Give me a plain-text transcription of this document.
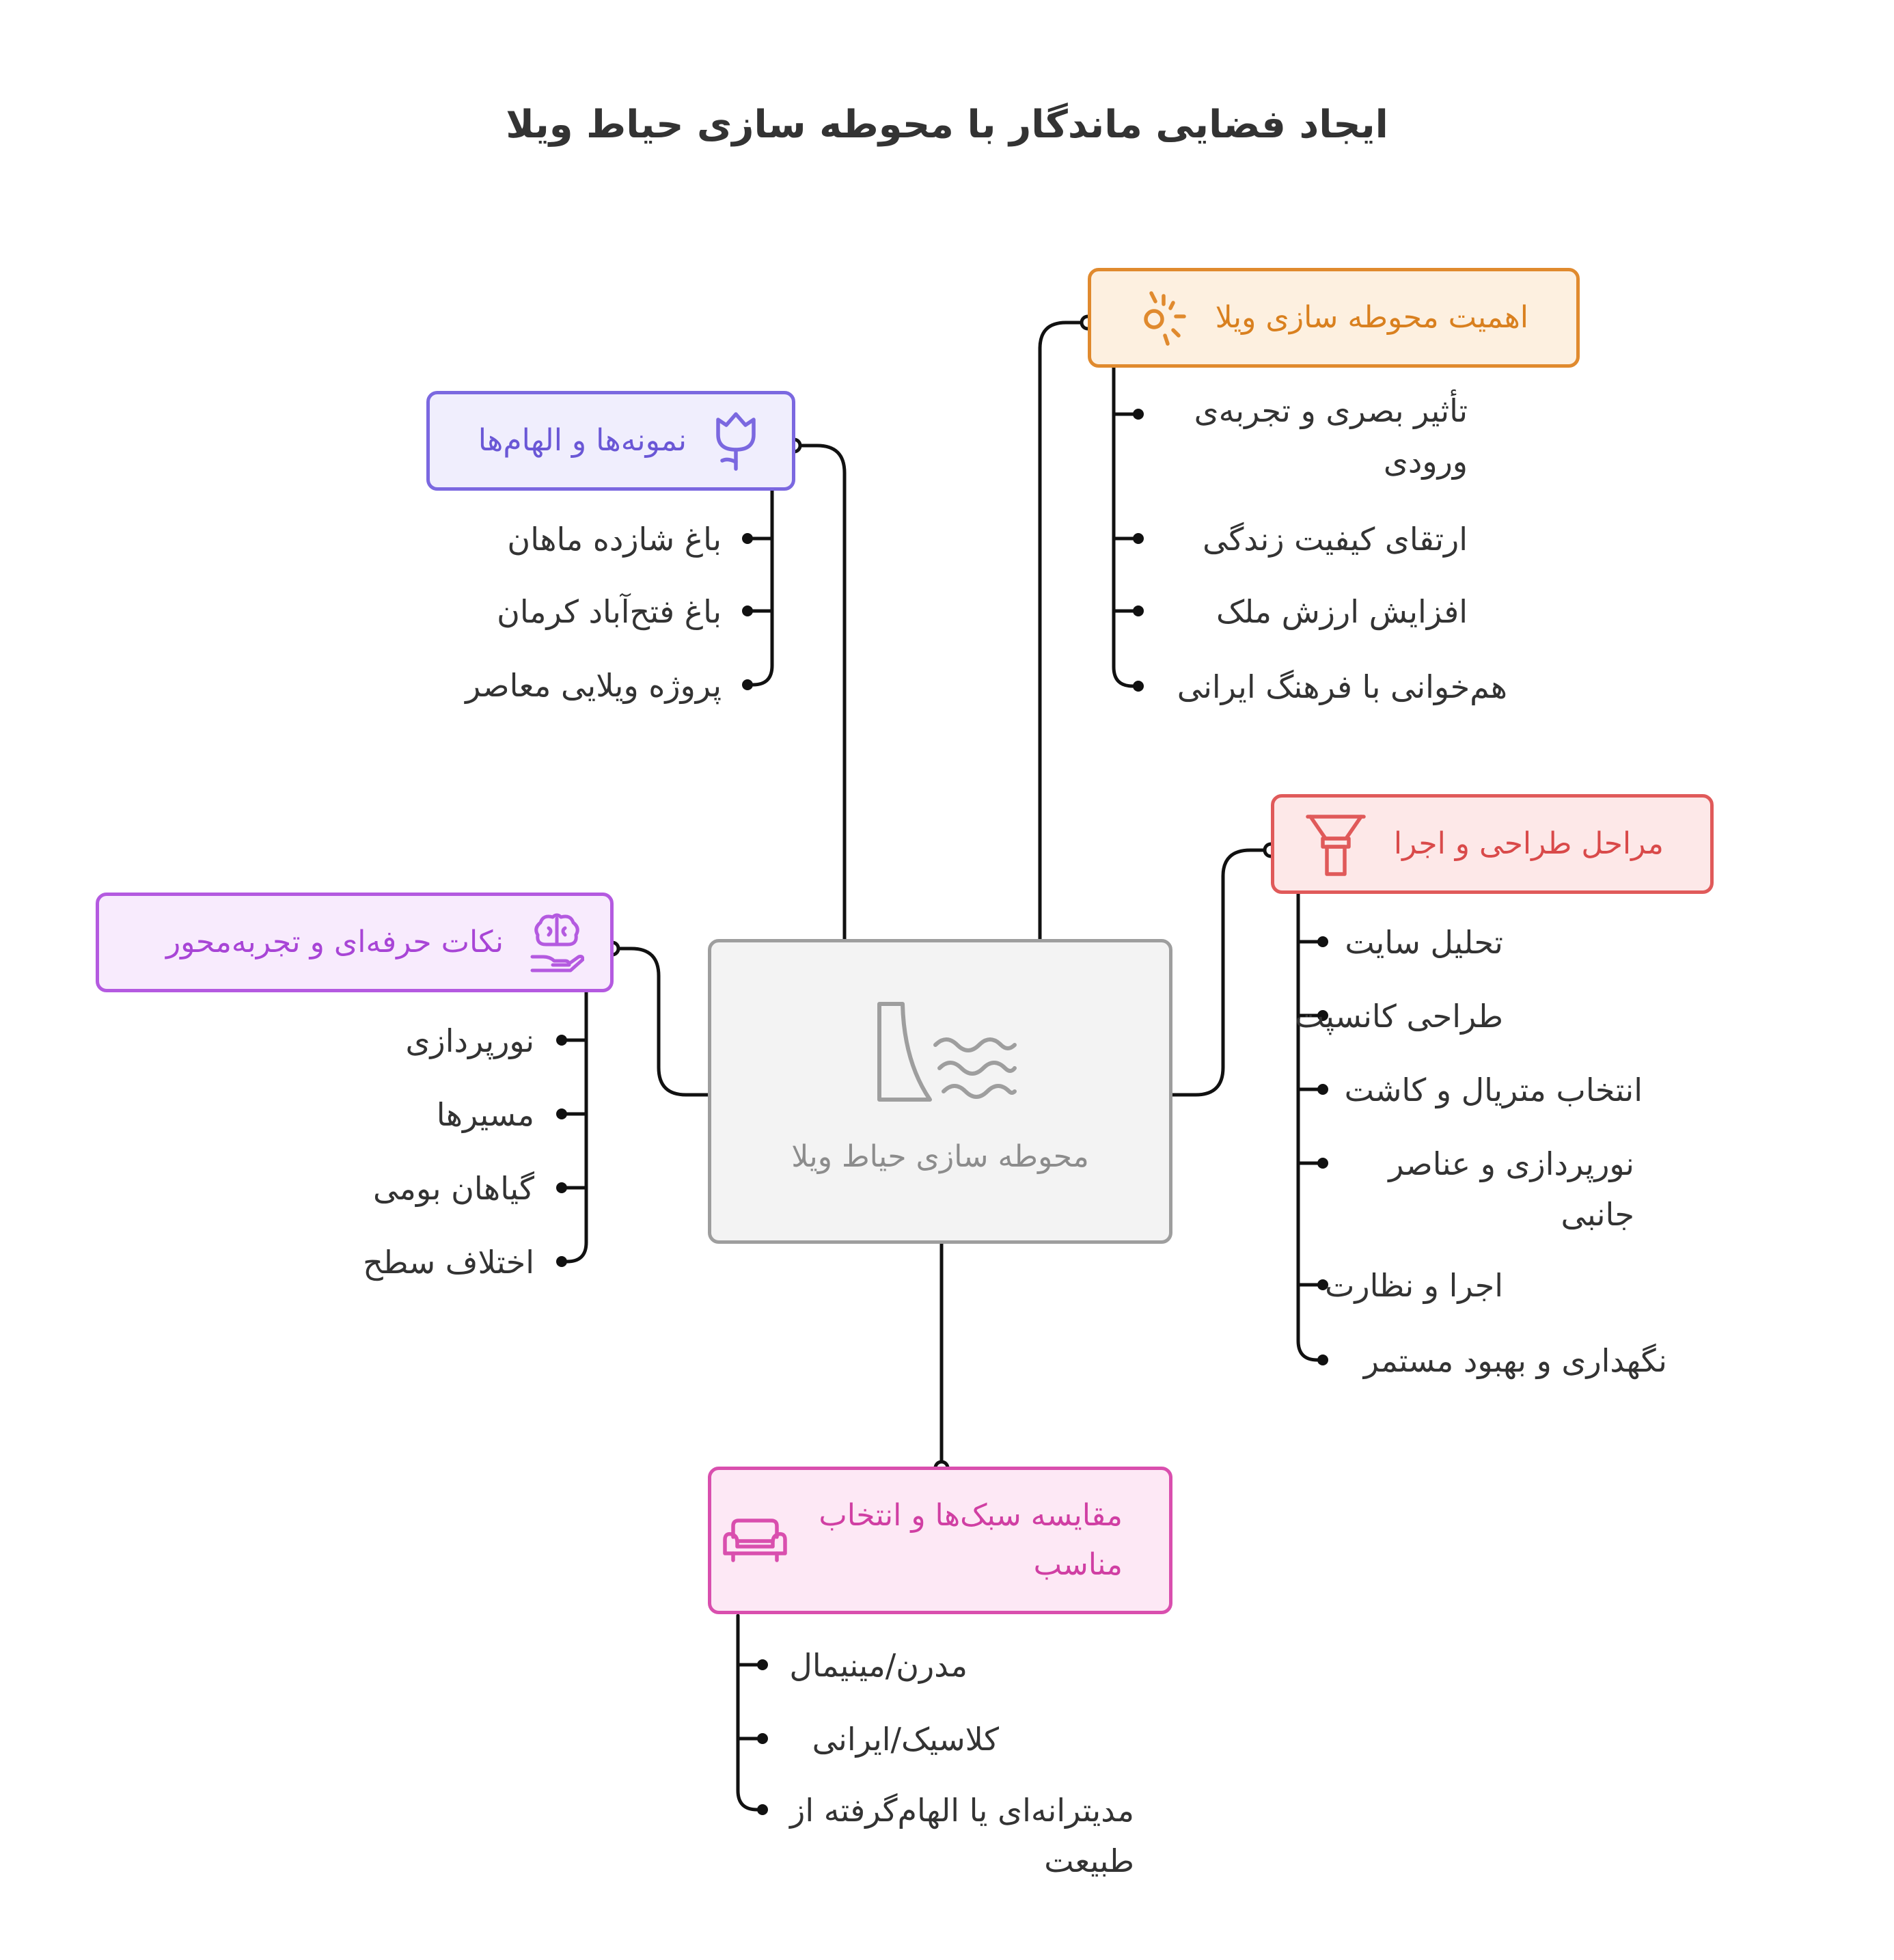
ایجاد فضایی ماندگار با محوطه سازی حیاط ویلا
محوطه سازی حیاط ویلا
اهمیت محوطه سازی ویلا
نمونه‌ها و الهام‌ها
مراحل طراحی و اجرا
نکات حرفه‌ای و تجربه‌محور
مقایسه سبک‌ها و انتخاب مناسب
تأثیر بصری و تجربه‌ی ورودی
ارتقای کیفیت زندگی
افزایش ارزش ملک
هم‌خوانی با فرهنگ ایرانی
باغ شازده ماهان
باغ فتح‌آباد کرمان
پروژه ویلایی معاصر
تحلیل سایت
طراحی کانسپت
انتخاب متریال و کاشت
نورپردازی و عناصر جانبی
اجرا و نظارت
نگهداری و بهبود مستمر
نورپردازی
مسیرها
گیاهان بومی
اختلاف سطح
مدرن/مینیمال
کلاسیک/ایرانی
مدیترانه‌ای یا الهام‌گرفته از طبیعت
